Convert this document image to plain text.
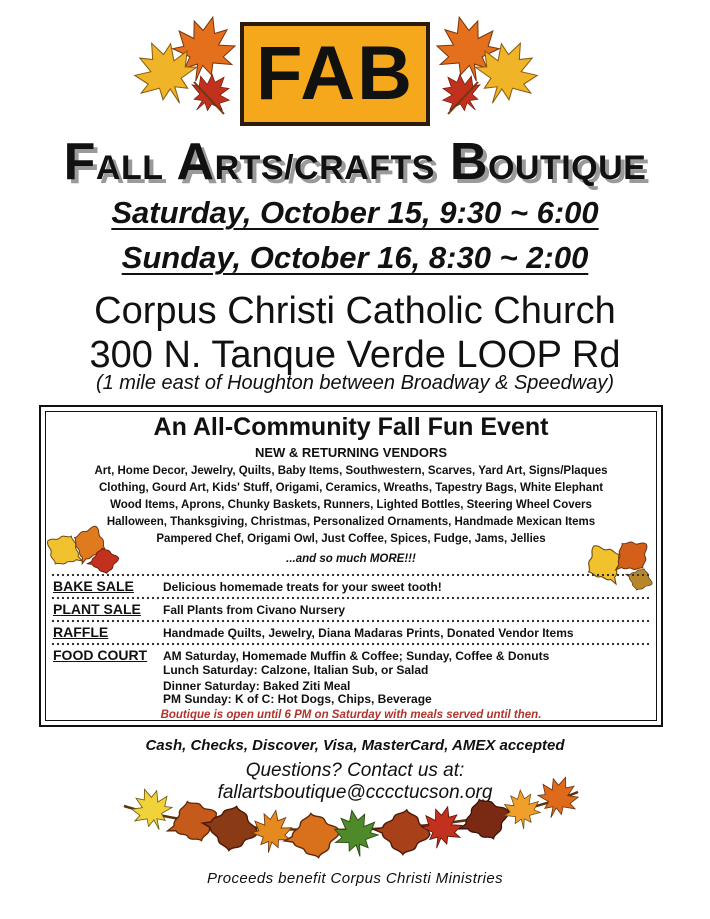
FAB
FALL ARTS/CRAFTS BOUTIQUE
Saturday, October 15, 9:30 ~ 6:00
Sunday, October 16, 8:30 ~ 2:00
Corpus Christi Catholic Church
300 N. Tanque Verde LOOP Rd
(1 mile east of Houghton between Broadway & Speedway)
An All-Community Fall Fun Event
NEW & RETURNING VENDORS
Art, Home Decor, Jewelry, Quilts, Baby Items, Southwestern, Scarves, Yard Art, Signs/Plaques
Clothing, Gourd Art, Kids' Stuff, Origami, Ceramics, Wreaths, Tapestry Bags, White Elephant
Wood Items, Aprons, Chunky Baskets, Runners, Lighted Bottles, Steering Wheel Covers
Halloween, Thanksgiving, Christmas, Personalized Ornaments, Handmade Mexican Items
Pampered Chef, Origami Owl, Just Coffee, Spices, Fudge, Jams, Jellies
...and so much MORE!!!
BAKE SALE Delicious homemade treats for your sweet tooth!
PLANT SALE Fall Plants from Civano Nursery
RAFFLE	Handmade Quilts, Jewelry, Diana Madaras Prints, Donated Vendor Items
FOOD COURT AM Saturday, Homemade Muffin & Coffee; Sunday, Coffee & Donuts
Lunch Saturday: Calzone, Italian Sub, or Salad
Dinner Saturday: Baked Ziti Meal
PM Sunday: K of C: Hot Dogs, Chips, Beverage
Boutique is open until 6 PM on Saturday with meals served until then.
Cash, Checks, Discover, Visa, MasterCard, AMEX accepted
Questions? Contact us at:
fallartsboutique@cccctucson.org
Proceeds benefit Corpus Christi Ministries
